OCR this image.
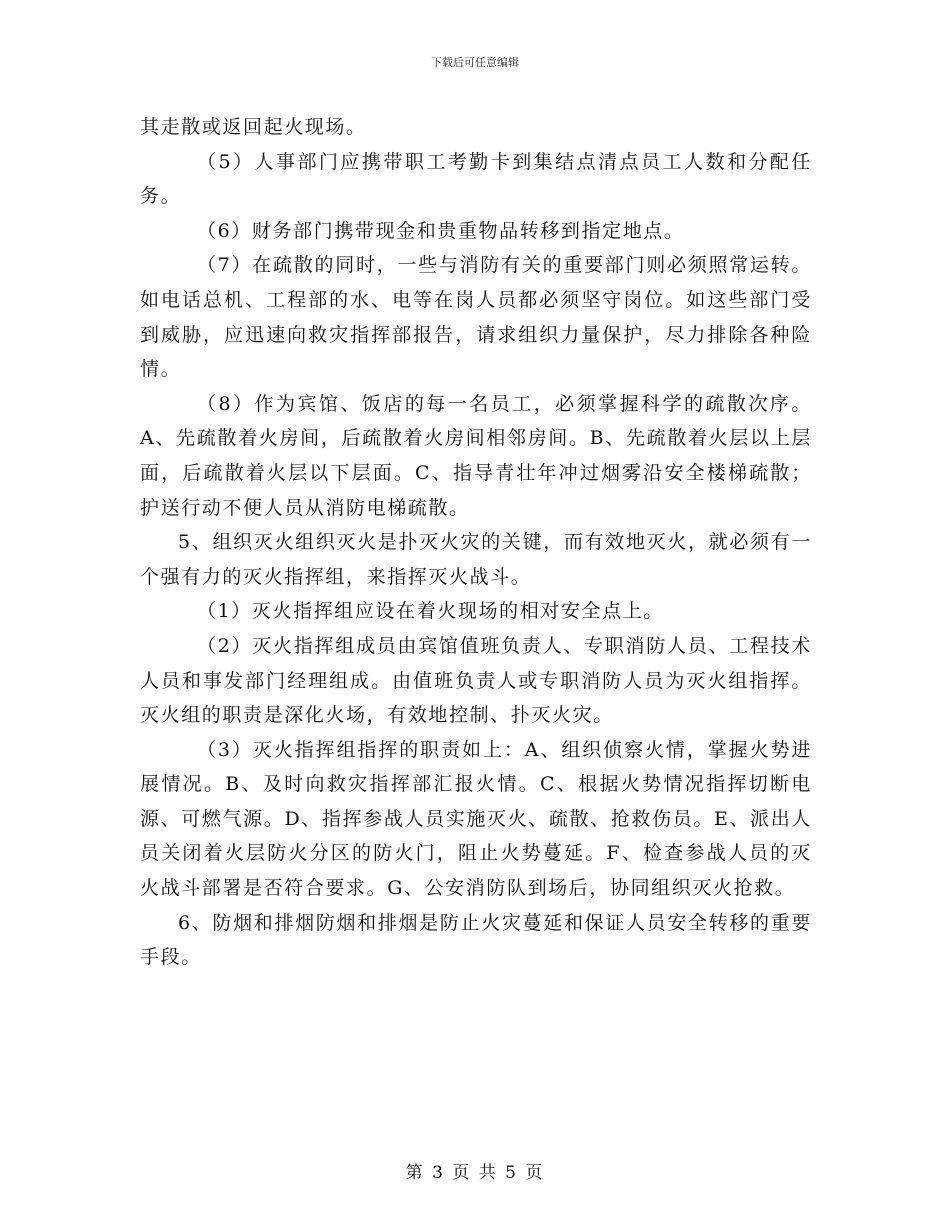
下载后可任意编辑

其走散或返回起火现场。

（5）人事部门应携带职工考勤卡到集结点清点员工人数和分配任务。

（6）财务部门携带现金和贵重物品转移到指定地点。

（7）在疏散的同时，一些与消防有关的重要部门则必须照常运转。如电话总机、工程部的水、电等在岗人员都必须坚守岗位。如这些部门受到威胁，应迅速向救灾指挥部报告，请求组织力量保护，尽力排除各种险情。

（8）作为宾馆、饭店的每一名员工，必须掌握科学的疏散次序。A、先疏散着火房间，后疏散着火房间相邻房间。B、先疏散着火层以上层面，后疏散着火层以下层面。C、指导青壮年冲过烟雾沿安全楼梯疏散；护送行动不便人员从消防电梯疏散。

5、组织灭火组织灭火是扑灭火灾的关键，而有效地灭火，就必须有一个强有力的灭火指挥组，来指挥灭火战斗。

（1）灭火指挥组应设在着火现场的相对安全点上。

（2）灭火指挥组成员由宾馆值班负责人、专职消防人员、工程技术人员和事发部门经理组成。由值班负责人或专职消防人员为灭火组指挥。灭火组的职责是深化火场，有效地控制、扑灭火灾。

（3）灭火指挥组指挥的职责如上：A、组织侦察火情，掌握火势进展情况。B、及时向救灾指挥部汇报火情。C、根据火势情况指挥切断电源、可燃气源。D、指挥参战人员实施灭火、疏散、抢救伤员。E、派出人员关闭着火层防火分区的防火门，阻止火势蔓延。F、检查参战人员的灭火战斗部署是否符合要求。G、公安消防队到场后，协同组织灭火抢救。

6、防烟和排烟防烟和排烟是防止火灾蔓延和保证人员安全转移的重要手段。

第 3 页 共 5 页
